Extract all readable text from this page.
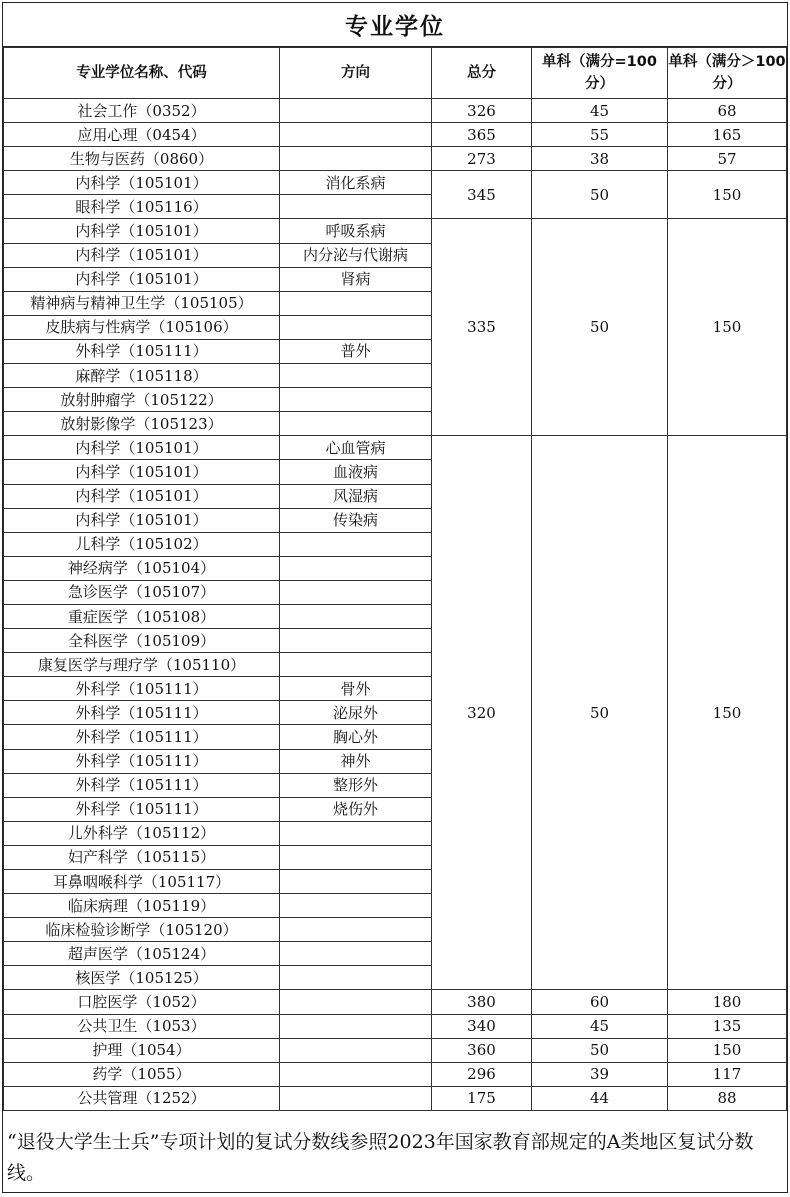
专业学位
专业学位名称、代码	方向	总分	单科（满分=100分）	单科（满分＞100分）
社会工作（0352）		326	45	68
应用心理（0454）		365	55	165
生物与医药（0860）		273	38	57
内科学（105101）	消化系病	345	50	150
眼科学（105116）				
内科学（105101）	呼吸系病	335	50	150
内科学（105101）	内分泌与代谢病			
内科学（105101）	肾病			
精神病与精神卫生学（105105）				
皮肤病与性病学（105106）				
外科学（105111）	普外			
麻醉学（105118）				
放射肿瘤学（105122）				
放射影像学（105123）				
内科学（105101）	心血管病	320	50	150
内科学（105101）	血液病			
内科学（105101）	风湿病			
内科学（105101）	传染病			
儿科学（105102）				
神经病学（105104）				
急诊医学（105107）				
重症医学（105108）				
全科医学（105109）				
康复医学与理疗学（105110）				
外科学（105111）	骨外			
外科学（105111）	泌尿外			
外科学（105111）	胸心外			
外科学（105111）	神外			
外科学（105111）	整形外			
外科学（105111）	烧伤外			
儿外科学（105112）				
妇产科学（105115）				
耳鼻咽喉科学（105117）				
临床病理（105119）				
临床检验诊断学（105120）				
超声医学（105124）				
核医学（105125）				
口腔医学（1052）		380	60	180
公共卫生（1053）		340	45	135
护理（1054）		360	50	150
药学（1055）		296	39	117
公共管理（1252）		175	44	88
“退役大学生士兵”专项计划的复试分数线参照2023年国家教育部规定的A类地区复试分数线。
